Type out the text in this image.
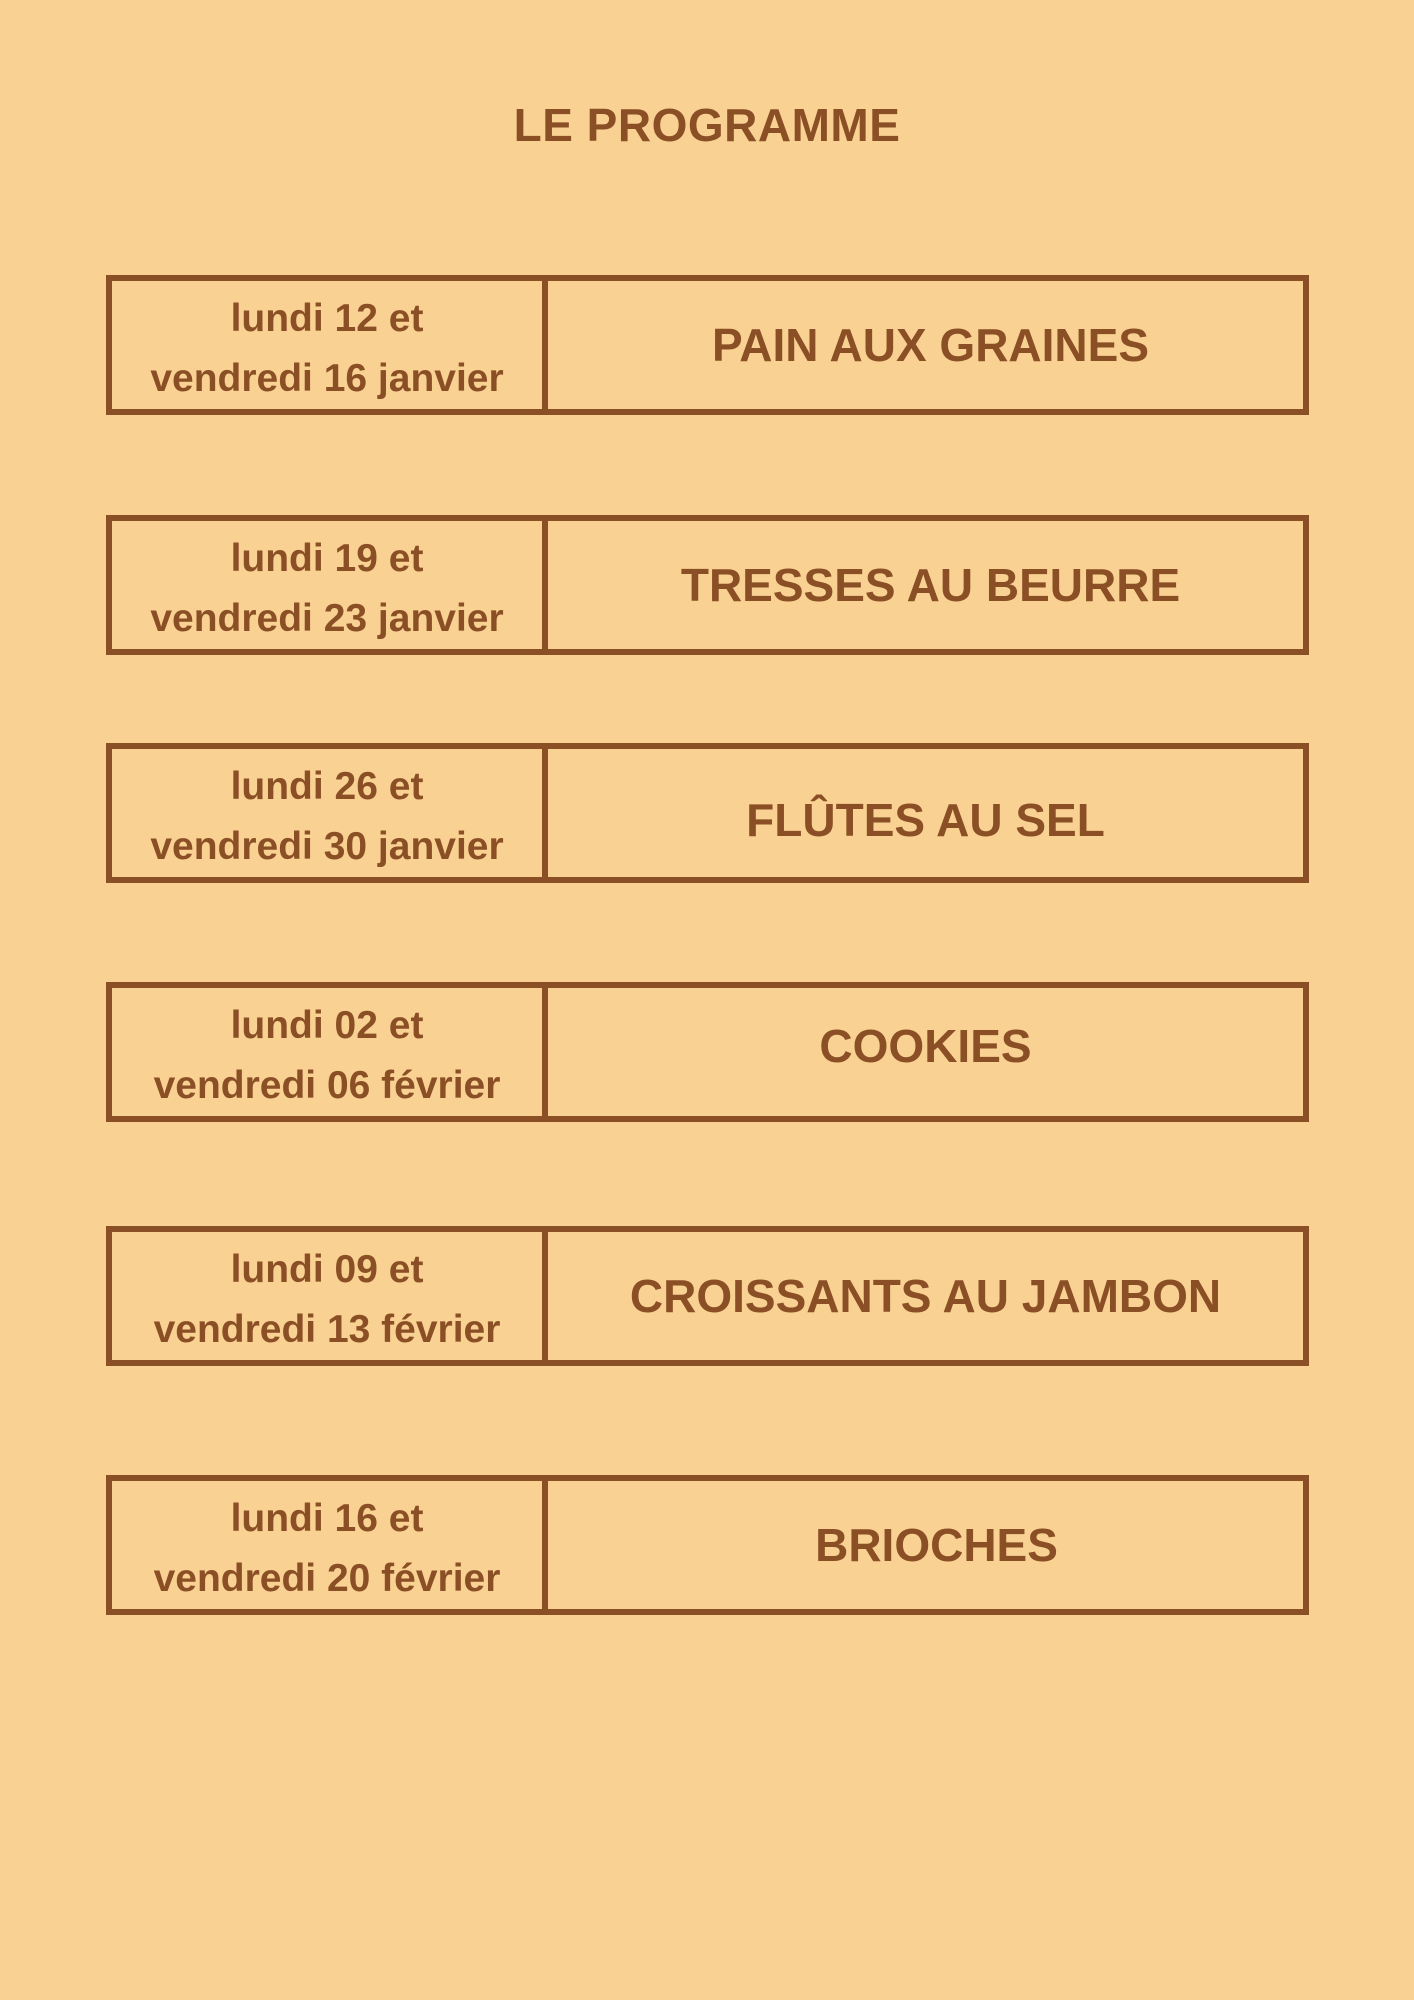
LE PROGRAMME
lundi 12 et
vendredi 16 janvier
PAIN AUX GRAINES
lundi 19 et
vendredi 23 janvier
TRESSES AU BEURRE
lundi 26 et
vendredi 30 janvier
FLÛTES AU SEL
lundi 02 et
vendredi 06 février
COOKIES
lundi 09 et
vendredi 13 février
CROISSANTS AU JAMBON
lundi 16 et
vendredi 20 février
BRIOCHES
